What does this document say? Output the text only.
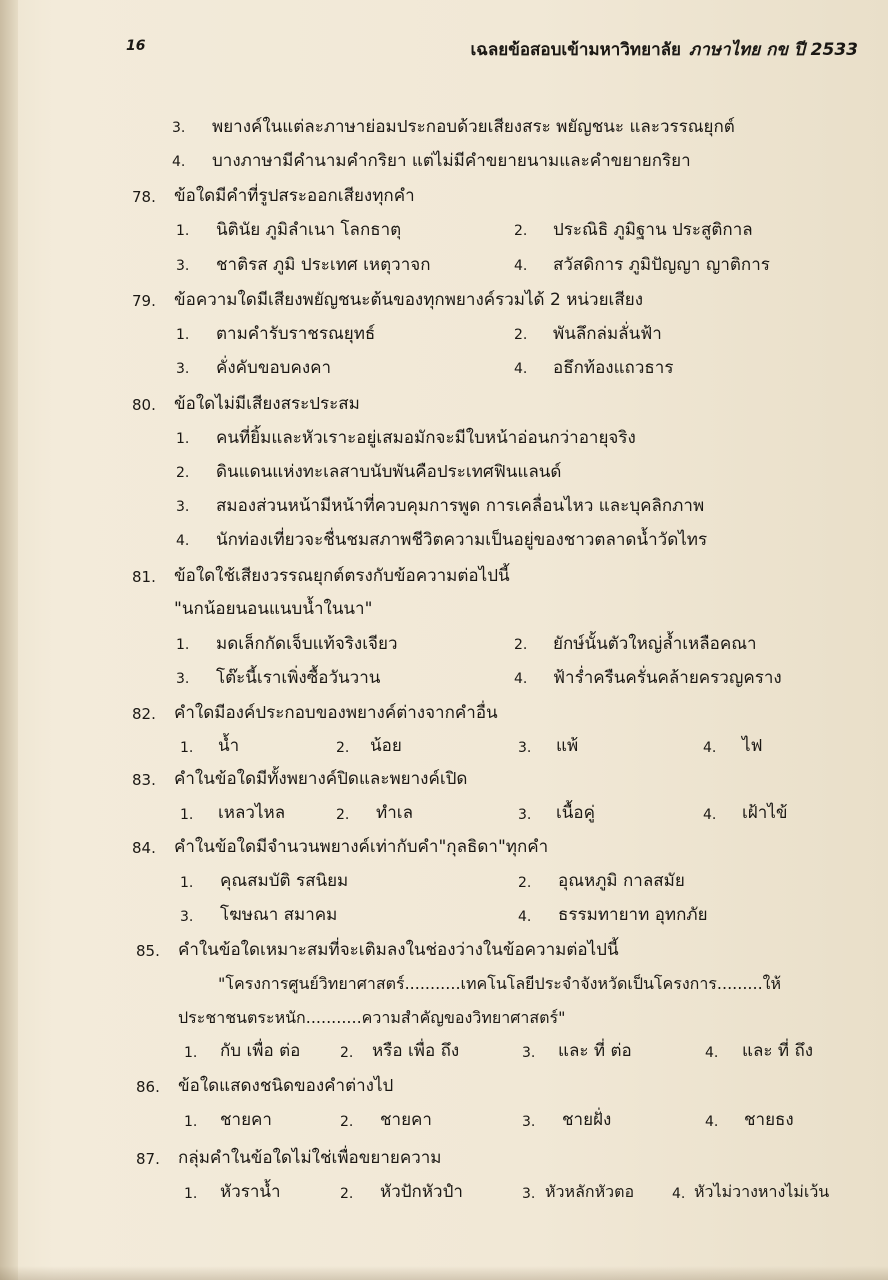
16	เฉลยข้อสอบเข้ามหาวิทยาลัย ภาษาไทย กข ปี 2533
3. พยางค์ในแต่ละภาษาย่อมประกอบด้วยเสียงสระ พยัญชนะ และวรรณยุกต์
4. บางภาษามีคำนามคำกริยา แต่ไม่มีคำขยายนามและคำขยายกริยา
78. ข้อใดมีคำที่รูปสระออกเสียงทุกคำ
1. นิตินัย ภูมิลำเนา โลกธาตุ	2. ประณิธิ ภูมิฐาน ประสูติกาล
3. ชาติรส ภูมิ ประเทศ เหตุวาจก	4. สวัสดิการ ภูมิปัญญา ญาติการ
79. ข้อความใดมีเสียงพยัญชนะต้นของทุกพยางค์รวมได้ 2 หน่วยเสียง
1. ตามคำรับราชรณยุทธ์	2. พันลึกล่มลั่นฟ้า
3. คั่งคับขอบคงคา	4. อธึกท้องแถวธาร
80. ข้อใดไม่มีเสียงสระประสม
1. คนที่ยิ้มและหัวเราะอยู่เสมอมักจะมีใบหน้าอ่อนกว่าอายุจริง
2. ดินแดนแห่งทะเลสาบนับพันคือประเทศฟินแลนด์
3. สมองส่วนหน้ามีหน้าที่ควบคุมการพูด การเคลื่อนไหว และบุคลิกภาพ
4. นักท่องเที่ยวจะชื่นชมสภาพชีวิตความเป็นอยู่ของชาวตลาดน้ำวัดไทร
81. ข้อใดใช้เสียงวรรณยุกต์ตรงกับข้อความต่อไปนี้
"นกน้อยนอนแนบน้ำในนา"
1. มดเล็กกัดเจ็บแท้จริงเจียว	2. ยักษ์นั้นตัวใหญ่ล้ำเหลือคณา
3. โต๊ะนี้เราเพิ่งซื้อวันวาน	4. ฟ้าร่ำครืนครั่นคล้ายครวญคราง
82. คำใดมีองค์ประกอบของพยางค์ต่างจากคำอื่น
1. น้ำ	2. น้อย	3. แพ้	4. ไฟ
83. คำในข้อใดมีทั้งพยางค์ปิดและพยางค์เปิด
1. เหลวไหล	2. ทำเล	3. เนื้อคู่	4. เฝ้าไข้
84. คำในข้อใดมีจำนวนพยางค์เท่ากับคำ"กุลธิดา"ทุกคำ
1. คุณสมบัติ รสนิยม	2. อุณหภูมิ กาลสมัย
3. โฆษณา สมาคม	4. ธรรมทายาท อุทกภัย
85. คำในข้อใดเหมาะสมที่จะเติมลงในช่องว่างในข้อความต่อไปนี้
"โครงการศูนย์วิทยาศาสตร์...........เทคโนโลยีประจำจังหวัดเป็นโครงการ.........ให้
ประชาชนตระหนัก...........ความสำคัญของวิทยาศาสตร์"
1. กับ เพื่อ ต่อ	2. หรือ เพื่อ ถึง	3. และ ที่ ต่อ	4. และ ที่ ถึง
86. ข้อใดแสดงชนิดของคำต่างไป
1. ชายคา	2. ชายคา	3. ชายฝั่ง	4. ชายธง
87. กลุ่มคำในข้อใดไม่ใช่เพื่อขยายความ
1. หัวราน้ำ	2. หัวปักหัวปำ	3. หัวหลักหัวตอ	4. หัวไม่วางหางไม่เว้น
